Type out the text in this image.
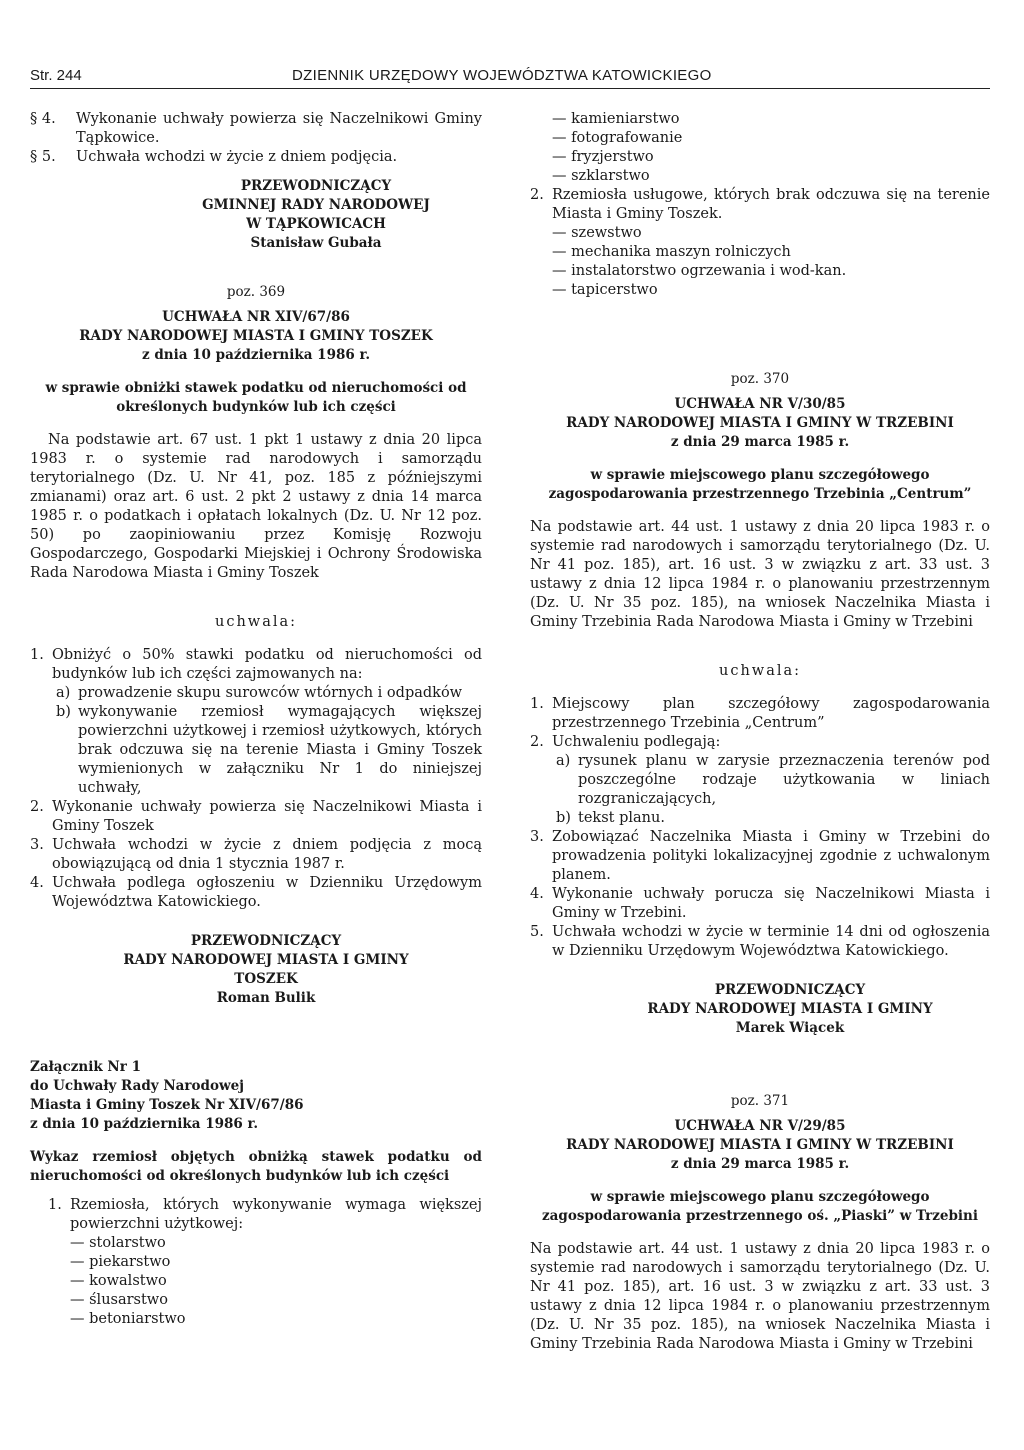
Str. 244	DZIENNIK URZĘDOWY WOJEWÓDZTWA KATOWICKIEGO
§ 4.	Wykonanie uchwały powierza się Naczelnikowi Gminy Tąpkowice.
§ 5.	Uchwała wchodzi w życie z dniem podjęcia.

PRZEWODNICZĄCY

GMINNEJ RADY NARODOWEJ

W TĄPKOWICACH

Stanisław Gubała

poz. 369

UCHWAŁA NR XIV/67/86

RADY NARODOWEJ MIASTA I GMINY TOSZEK

z dnia 10 października 1986 r.

w sprawie obniżki stawek podatku od nieruchomości od określonych budynków lub ich części

Na podstawie art. 67 ust. 1 pkt 1 ustawy z dnia 20 lipca 1983 r. o systemie rad narodowych i samorządu terytorialnego (Dz. U. Nr 41, poz. 185 z późniejszymi zmianami) oraz art. 6 ust. 2 pkt 2 ustawy z dnia 14 marca 1985 r. o podatkach i opłatach lokalnych (Dz. U. Nr 12 poz. 50) po zaopiniowaniu przez Komisję Rozwoju Gospodarczego, Gospodarki Miejskiej i Ochrony Środowiska Rada Narodowa Miasta i Gminy Toszek

uchwala:

1. Obniżyć o 50% stawki podatku od nieruchomości od budynków lub ich części zajmowanych na:
a) prowadzenie skupu surowców wtórnych i odpadków
b) wykonywanie rzemiosł wymagających większej powierzchni użytkowej i rzemiosł użytkowych, których brak odczuwa się na terenie Miasta i Gminy Toszek wymienionych w załączniku Nr 1 do niniejszej uchwały,
2. Wykonanie uchwały powierza się Naczelnikowi Miasta i Gminy Toszek
3. Uchwała wchodzi w życie z dniem podjęcia z mocą obowiązującą od dnia 1 stycznia 1987 r.
4. Uchwała podlega ogłoszeniu w Dzienniku Urzędowym Województwa Katowickiego.

PRZEWODNICZĄCY

RADY NARODOWEJ MIASTA I GMINY

TOSZEK

Roman Bulik

Załącznik Nr 1

do Uchwały Rady Narodowej

Miasta i Gminy Toszek Nr XIV/67/86

z dnia 10 października 1986 r.

Wykaz rzemiosł objętych obniżką stawek podatku od nieruchomości od określonych budynków lub ich części

1. Rzemiosła, których wykonywanie wymaga większej powierzchni użytkowej:

— stolarstwo

— piekarstwo

— kowalstwo

— ślusarstwo

— betoniarstwo

— kamieniarstwo

— fotografowanie

— fryzjerstwo

— szklarstwo

2. Rzemiosła usługowe, których brak odczuwa się na terenie Miasta i Gminy Toszek.

— szewstwo

— mechanika maszyn rolniczych

— instalatorstwo ogrzewania i wod-kan.

— tapicerstwo

poz. 370

UCHWAŁA NR V/30/85

RADY NARODOWEJ MIASTA I GMINY W TRZEBINI

z dnia 29 marca 1985 r.

w sprawie miejscowego planu szczegółowego zagospodarowania przestrzennego Trzebinia „Centrum”

Na podstawie art. 44 ust. 1 ustawy z dnia 20 lipca 1983 r. o systemie rad narodowych i samorządu terytorialnego (Dz. U. Nr 41 poz. 185), art. 16 ust. 3 w związku z art. 33 ust. 3 ustawy z dnia 12 lipca 1984 r. o planowaniu przestrzennym (Dz. U. Nr 35 poz. 185), na wniosek Naczelnika Miasta i Gminy Trzebinia Rada Narodowa Miasta i Gminy w Trzebini

uchwala:

1. Miejscowy plan szczegółowy zagospodarowania przestrzennego Trzebinia „Centrum”
2. Uchwaleniu podlegają:
a) rysunek planu w zarysie przeznaczenia terenów pod poszczególne rodzaje użytkowania w liniach rozgraniczających,
b) tekst planu.
3. Zobowiązać Naczelnika Miasta i Gminy w Trzebini do prowadzenia polityki lokalizacyjnej zgodnie z uchwalonym planem.
4. Wykonanie uchwały porucza się Naczelnikowi Miasta i Gminy w Trzebini.
5. Uchwała wchodzi w życie w terminie 14 dni od ogłoszenia w Dzienniku Urzędowym Województwa Katowickiego.

PRZEWODNICZĄCY

RADY NARODOWEJ MIASTA I GMINY

Marek Wiącek

poz. 371

UCHWAŁA NR V/29/85

RADY NARODOWEJ MIASTA I GMINY W TRZEBINI

z dnia 29 marca 1985 r.

w sprawie miejscowego planu szczegółowego zagospodarowania przestrzennego oś. „Piaski” w Trzebini

Na podstawie art. 44 ust. 1 ustawy z dnia 20 lipca 1983 r. o systemie rad narodowych i samorządu terytorialnego (Dz. U. Nr 41 poz. 185), art. 16 ust. 3 w związku z art. 33 ust. 3 ustawy z dnia 12 lipca 1984 r. o planowaniu przestrzennym (Dz. U. Nr 35 poz. 185), na wniosek Naczelnika Miasta i Gminy Trzebinia Rada Narodowa Miasta i Gminy w Trzebini
